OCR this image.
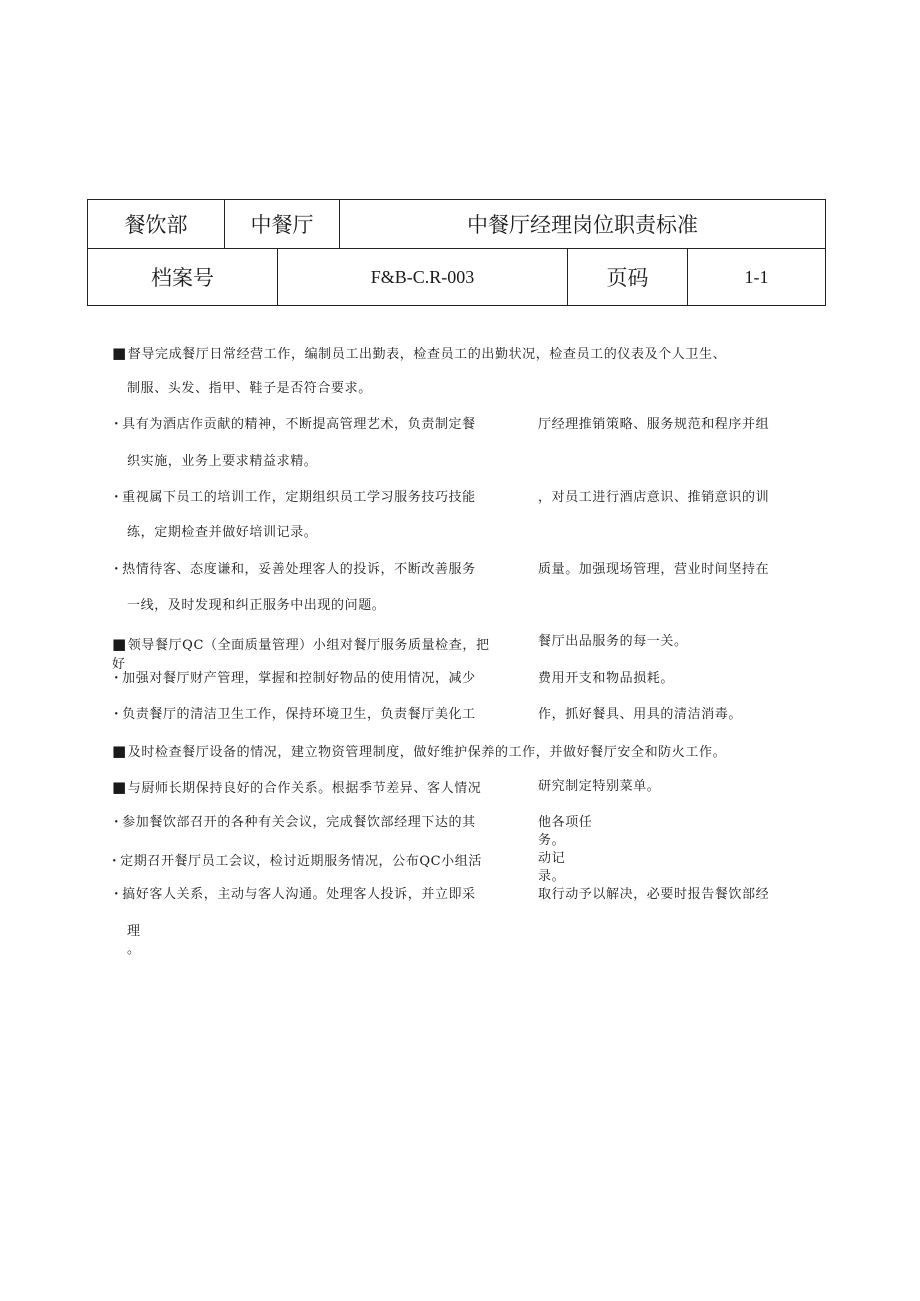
餐饮部	中餐厅	中餐厅经理岗位职责标准
档案号	F&B-C.R-003	页码	1-1
■ 督导完成餐厅日常经营工作，编制员工出勤表，检查员工的出勤状况，检查员工的仪表及个人卫生、
制服、头发、指甲、鞋子是否符合要求。
· 具有为酒店作贡献的精神，不断提高管理艺术，负责制定餐	厅经理推销策略、服务规范和程序并组
织实施，业务上要求精益求精。
· 重视属下员工的培训工作，定期组织员工学习服务技巧技能	，对员工进行酒店意识、推销意识的训
练，定期检查并做好培训记录。
· 热情待客、态度谦和，妥善处理客人的投诉，不断改善服务	质量。加强现场管理，营业时间坚持在
一线，及时发现和纠正服务中出现的问题。
■ 领导餐厅QC（全面质量管理）小组对餐厅服务质量检查，把
好
餐厅出品服务的每一关。
· 加强对餐厅财产管理，掌握和控制好物品的使用情况，减少	费用开支和物品损耗。
· 负责餐厅的清洁卫生工作，保持环境卫生，负责餐厅美化工	作，抓好餐具、用具的清洁消毒。
■ 及时检查餐厅设备的情况，建立物资管理制度，做好维护保养的工作，并做好餐厅安全和防火工作。
■ 与厨师长期保持良好的合作关系。根据季节差异、客人情况	研究制定特别菜单。
· 参加餐饮部召开的各种有关会议，完成餐饮部经理下达的其	他各项任
务。
· 定期召开餐厅员工会议，检讨近期服务情况，公布QC小组活	动记
录。
· 搞好客人关系，主动与客人沟通。处理客人投诉，并立即采	取行动予以解决，必要时报告餐饮部经
理
。
